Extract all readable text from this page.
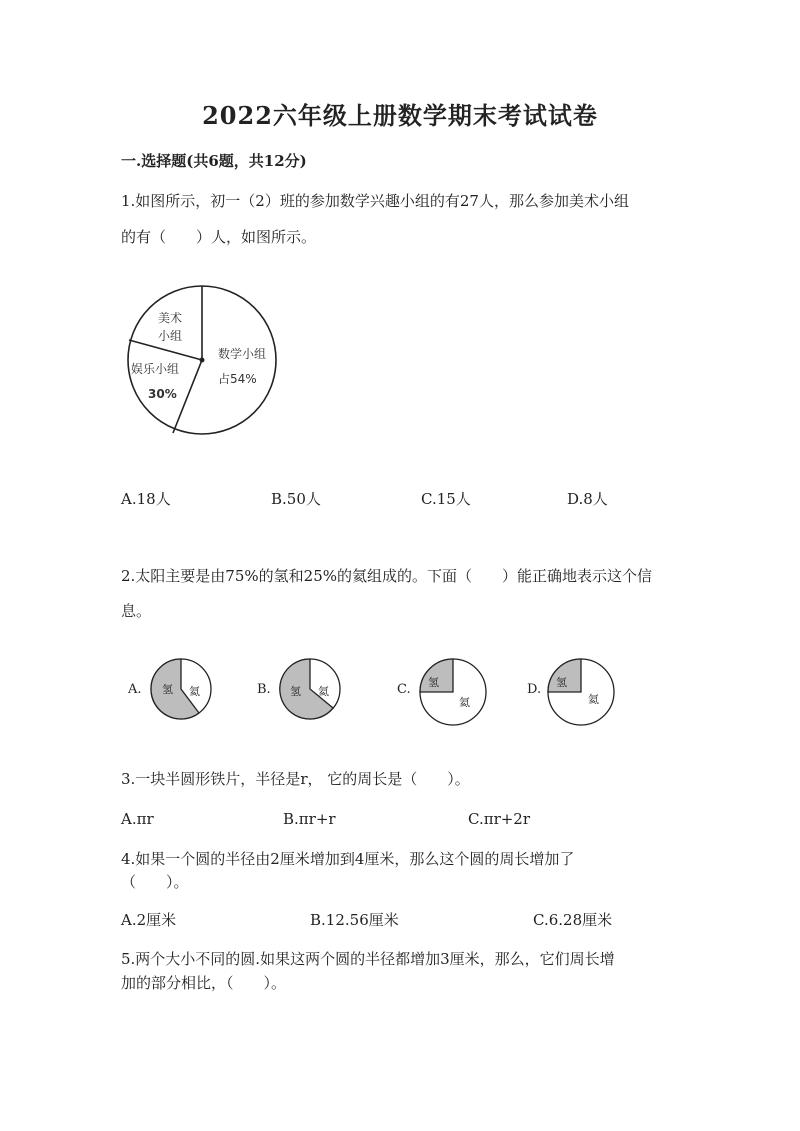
2022六年级上册数学期末考试试卷
一.选择题(共6题，共12分)
1.如图所示，初一（2）班的参加数学兴趣小组的有27人，那么参加美术小组
的有（　　）人，如图所示。
数学小组
占54%
娱乐小组
30%
美术
小组
A.18人	B.50人	C.15人	D.8人
2.太阳主要是由75%的氢和25%的氦组成的。下面（　　）能正确地表示这个信
息。
A. 氢 氦	B. 氢 氦	C. 氢
氦
D. 氢
氦
3.一块半圆形铁片，半径是r， 它的周长是（　　）。
A.πr	B.πr+r	C.πr+2r
4.如果一个圆的半径由2厘米增加到4厘米，那么这个圆的周长增加了
（　　）。
A.2厘米	B.12.56厘米	C.6.28厘米
5.两个大小不同的圆.如果这两个圆的半径都增加3厘米，那么，它们周长增
加的部分相比，（　　）。
